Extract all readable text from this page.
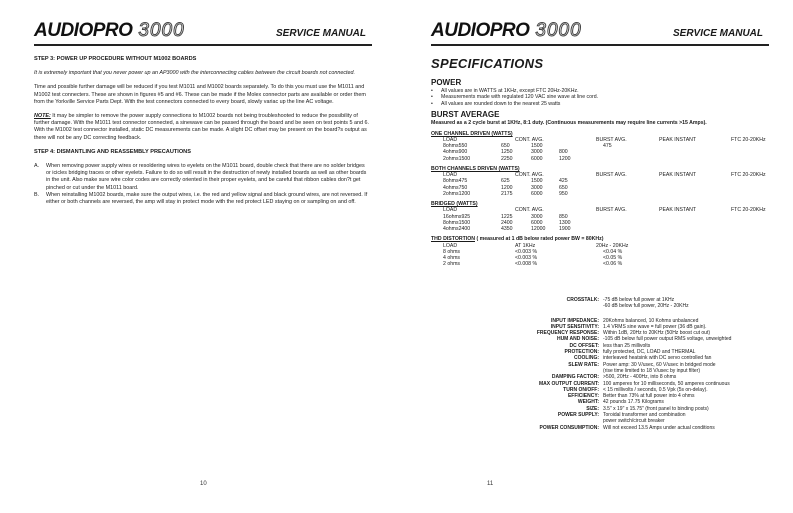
AUDIOPRO 3000	SERVICE MANUAL
STEP 3: POWER UP PROCEDURE WITHOUT M1002 BOARDS

It is extremely important that you never power up an AP3000 with the interconnecting cables between the circuit boards not connected.

Time and possible further damage will be reduced if you test M1011 and M1002 boards separately. To do this you must use the M1011 and M1002 test connecters. These are shown in figures #5 and #6. These can be made if the Molex connector parts are available or order them from the Yorkville Service Parts Dept. With the test connectors connected to every board, slowly variac up the line AC voltage.

NOTE: It may be simpler to remove the power supply connections to M1002 boards not being troubleshooted to reduce the possibility of further damage. With the M1011 test connector connected, a sinewave can be passed through the board and be seen on test points 5 and 6. With the M1002 test connector installed, static DC measurements can be made. A slight DC offset may be present on the board?s output as there will not be any DC correcting feedback.

STEP 4: DISMANTLING AND REASSEMBLY PRECAUTIONS
A.	When removing power supply wires or resoldering wires to eyelets on the M1011 board, double check that there are no solder bridges or icicles bridging traces or other eyelets. Failure to do so will result in the destruction of newly installed boards as well as other boards in the unit. Also make sure wire color codes are correctly oriented in their proper eyelets, and be careful that ribbon cables don?t get pinched or cut under the M1011 board.
B.	When reinstalling M1002 boards, make sure the output wires, i.e. the red and yellow signal and black ground wires, are not reversed. If either or both channels are reversed, the amp will stay in protect mode with the red protect LED staying on or sampling on and off.
10
AUDIOPRO 3000	SERVICE MANUAL
SPECIFICATIONS
POWER
•	All values are in WATTS at 1KHz, except FTC 20Hz-20KHz.
•	Measurements made with regulated 120 VAC sine wave at line cord.
•	All values are rounded down to the nearest 25 watts
BURST AVERAGE
Measured as a 2 cycle burst at 1KHz, 8:1 duty. (Continuous measurements may require line currents >15 Amps).
ONE CHANNEL DRIVEN (WATTS)
LOAD	CONT. AVG.	BURST AVG.	PEAK INSTANT	FTC 20-20KHz
8ohms550	650	1500	475
4ohms900	1250	3000	800
2ohms1500	2250	6000	1200
BOTH CHANNELS DRIVEN (WATTS)
LOAD	CONT. AVG.	BURST AVG.	PEAK INSTANT	FTC 20-20KHz
8ohms475	625	1500	425
4ohms750	1200	3000	650
2ohms1200	2175	6000	950
BRIDGED (WATTS)
LOAD	CONT. AVG.	BURST AVG.	PEAK INSTANT	FTC 20-20KHz
16ohms925	1225	3000	850
8ohms1500	2400	6000	1300
4ohms2400	4350	12000	1900
THD DISTORTION ( measured at 1 dB below rated power BW = 80KHz)
LOAD	AT 1KHz	20Hz - 20KHz
8 ohms	<0.003 %	<0.04 %
4 ohms	<0.003 %	<0.05 %
2 ohms	<0.008 %	<0.06 %
CROSSTALK: -75 dB below full power at 1KHz
-60 dB below full power, 20Hz - 20KHz
INPUT IMPEDANCE: 20Kohms balanced, 10 Kohms unbalanced
INPUT SENSITIVITY: 1.4 VRMS sine wave = full power (36 dB gain).
FREQUENCY RESPONSE: Within 1dB, 20Hz to 20KHz (50Hz boost cut out)
HUM AND NOISE: -105 dB below full power output RMS voltage, unweighted
DC OFFSET: less than 25 millivolts
PROTECTION: fully protected, DC, LOAD and THERMAL
COOLING: interleaved heatsink with DC servo controlled fan
SLEW RATE: Power amp: 30 V/usec, 60 V/usec in bridged mode
(rise time limited to 18 V/usec by input filter)
DAMPING FACTOR: >500, 20Hz - 400Hz, into 8 ohms
MAX OUTPUT CURRENT: 100 amperes for 10 milliseconds, 50 amperes continuous
TURN ON/OFF: < 15 millivolts / seconds, 0.5 Vpk (5s on-delay).
EFFICIENCY: Better than 73% at full power into 4 ohms
WEIGHT: 42 pounds 17.75 Kilograms
SIZE: 3.5" x 19" x 15.75" (front panel to binding posts)
POWER SUPPLY: Toroidal transformer and combination
power switch/circuit breaker
POWER CONSUMPTION: Will not exceed 13.5 Amps under actual conditions
11
